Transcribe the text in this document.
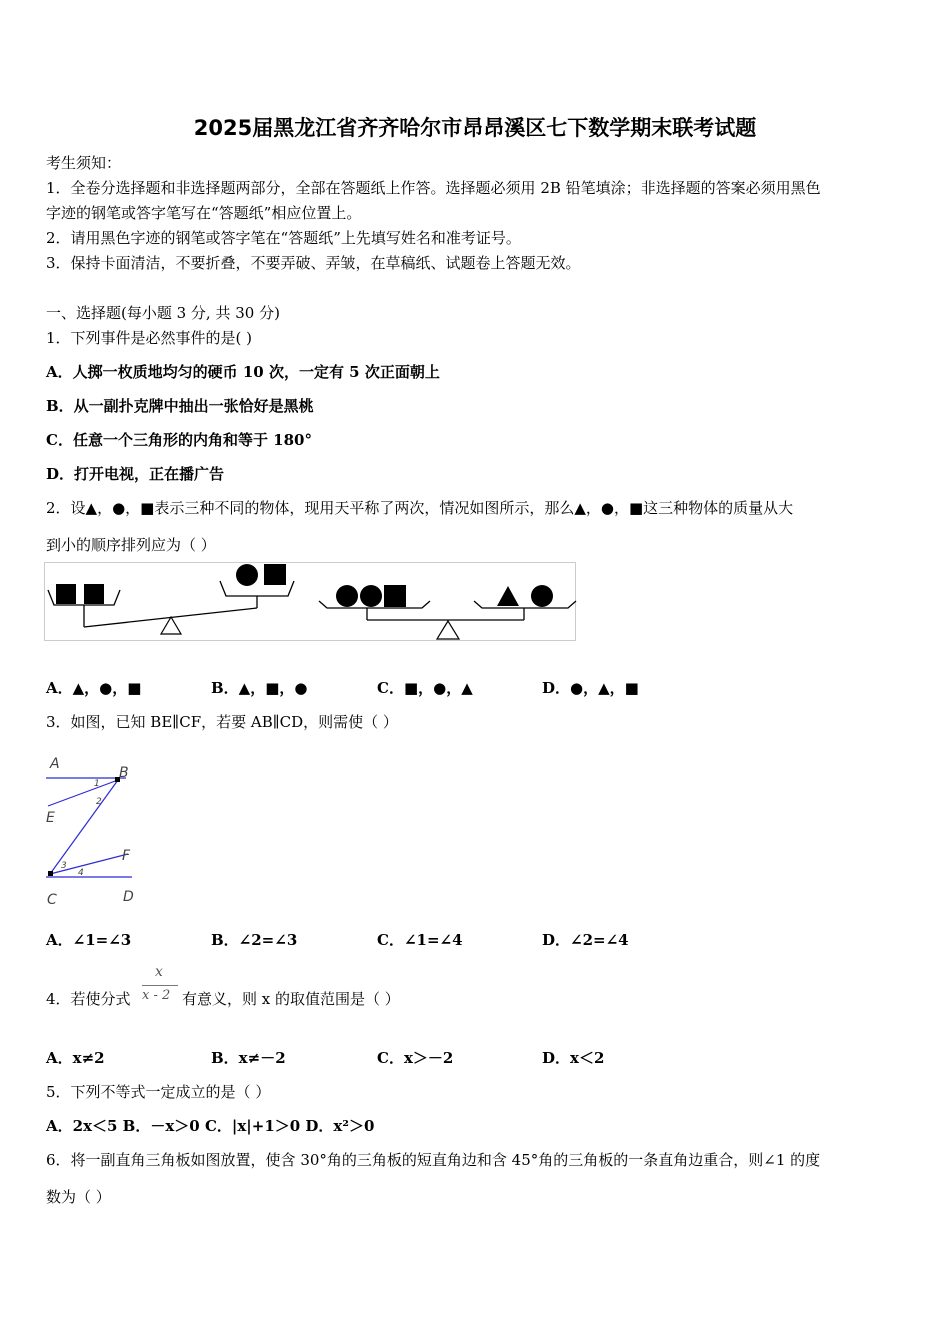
2025届黑龙江省齐齐哈尔市昂昂溪区七下数学期末联考试题
考生须知：
1．全卷分选择题和非选择题两部分，全部在答题纸上作答。选择题必须用 2B 铅笔填涂；非选择题的答案必须用黑色
字迹的钢笔或答字笔写在“答题纸”相应位置上。
2．请用黑色字迹的钢笔或答字笔在“答题纸”上先填写姓名和准考证号。
3．保持卡面清洁，不要折叠，不要弄破、弄皱，在草稿纸、试题卷上答题无效。
一、选择题(每小题 3 分, 共 30 分)
1．下列事件是必然事件的是( )
A．人掷一枚质地均匀的硬币 10 次，一定有 5 次正面朝上
B．从一副扑克牌中抽出一张恰好是黑桃
C．任意一个三角形的内角和等于 180°
D．打开电视，正在播广告
2．设▲，●，■表示三种不同的物体，现用天平称了两次，情况如图所示，那么▲，●，■这三种物体的质量从大
到小的顺序排列应为（ ）
A．▲，●，■	B．▲，■，●	C．■，●，▲	D．●，▲，■
3．如图，已知 BE∥CF，若要 AB∥CD，则需使（ ）
A
B
E
F
C	D
1
2
3
4
A．∠1=∠3	B．∠2=∠3	C．∠1=∠4	D．∠2=∠4
4．若使分式
x
x - 2 有意义，则 x 的取值范围是（ ）
A．x≠2	B．x≠－2	C．x＞－2	D．x＜2
5．下列不等式一定成立的是（ ）
A．2x＜5 B．－x＞0 C．|x|+1＞0 D．x²＞0
6．将一副直角三角板如图放置，使含 30°角的三角板的短直角边和含 45°角的三角板的一条直角边重合，则∠1 的度
数为（ ）
